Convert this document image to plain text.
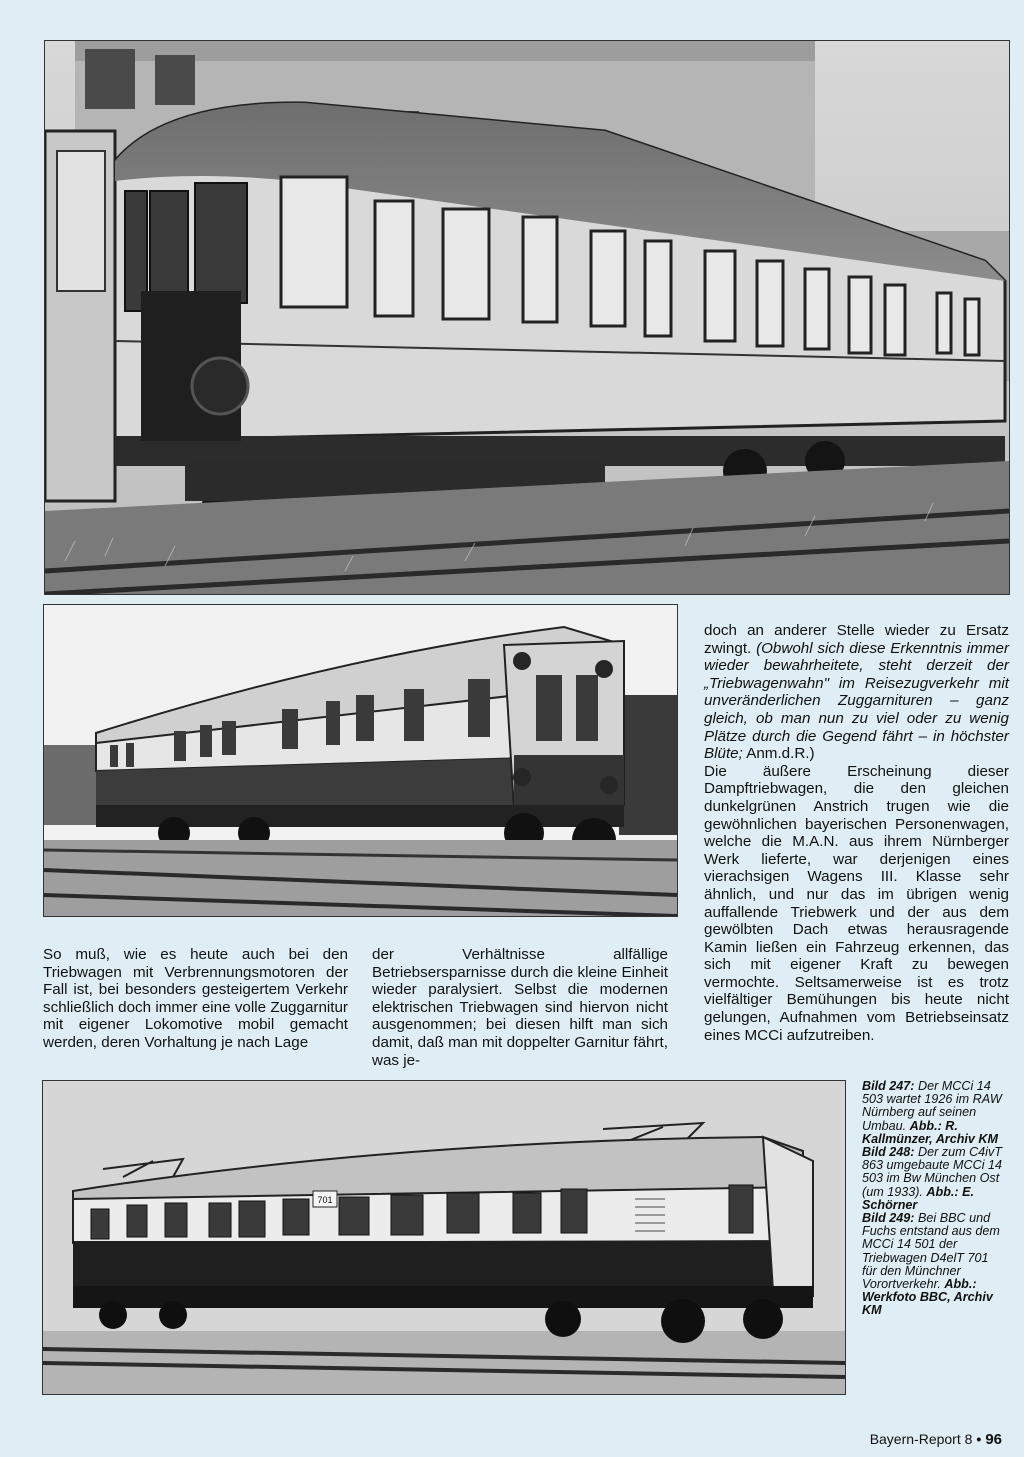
doch an anderer Stelle wieder zu Ersatz zwingt. (Obwohl sich diese Erkenntnis immer wieder bewahrheitete, steht derzeit der „Triebwagenwahn" im Reisezugverkehr mit unveränderlichen Zuggarnituren – ganz gleich, ob man nun zu viel oder zu wenig Plätze durch die Gegend fährt – in höchster Blüte; Anm.d.R.)

Die äußere Erscheinung dieser Dampftriebwagen, die den gleichen dunkelgrünen Anstrich trugen wie die gewöhnlichen bayerischen Personenwagen, welche die M.A.N. aus ihrem Nürnberger Werk lieferte, war derjenigen eines vierachsigen Wagens III. Klasse sehr ähnlich, und nur das im übrigen wenig auffallende Triebwerk und der aus dem gewölbten Dach etwas herausragende Kamin ließen ein Fahrzeug erkennen, das sich mit eigener Kraft zu bewegen vermochte. Seltsamerweise ist es trotz vielfältiger Bemühungen bis heute nicht gelungen, Aufnahmen vom Betriebseinsatz eines MCCi aufzutreiben.

So muß, wie es heute auch bei den Triebwagen mit Verbrennungsmotoren der Fall ist, bei besonders gesteigertem Verkehr schließlich doch immer eine volle Zuggarnitur mit eigener Lokomotive mobil gemacht werden, deren Vorhaltung je nach Lage

der Verhältnisse allfällige Betriebsersparnisse durch die kleine Einheit wieder paralysiert. Selbst die modernen elektrischen Triebwagen sind hiervon nicht ausgenommen; bei diesen hilft man sich damit, daß man mit doppelter Garnitur fährt, was je-

701

Bild 247: Der MCCi 14 503 wartet 1926 im RAW Nürnberg auf seinen Umbau. Abb.: R. Kallmünzer, Archiv KM

Bild 248: Der zum C4ivT 863 umgebaute MCCi 14 503 im Bw München Ost (um 1933). Abb.: E. Schörner

Bild 249: Bei BBC und Fuchs entstand aus dem MCCi 14 501 der Triebwagen D4elT 701 für den Münchner Vorortverkehr. Abb.: Werkfoto BBC, Archiv KM

Bayern-Report 8 • 96
